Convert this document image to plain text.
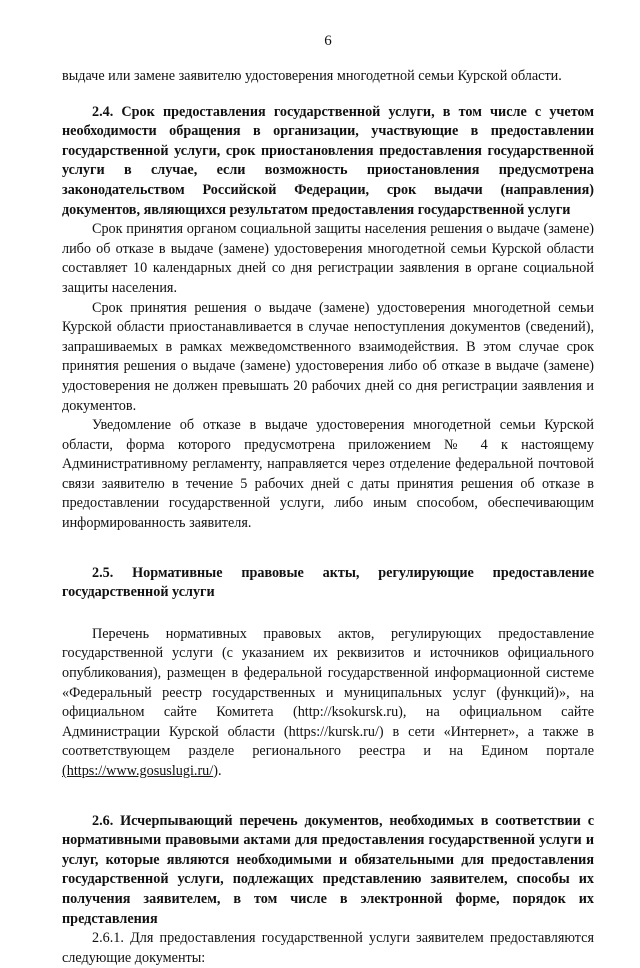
6

выдаче или замене заявителю удостоверения многодетной семьи Курской области.

2.4. Срок предоставления государственной услуги, в том числе с учетом необходимости обращения в организации, участвующие в предоставлении государственной услуги, срок приостановления предоставления государственной услуги в случае, если возможность приостановления предусмотрена законодательством Российской Федерации, срок выдачи (направления) документов, являющихся результатом предоставления государственной услуги

Срок принятия органом социальной защиты населения решения о выдаче (замене) либо об отказе в выдаче (замене) удостоверения многодетной семьи Курской области составляет 10 календарных дней со дня регистрации заявления в органе социальной защиты населения.

Срок принятия решения о выдаче (замене) удостоверения многодетной семьи Курской области приостанавливается в случае непоступления документов (сведений), запрашиваемых в рамках межведомственного взаимодействия. В этом случае срок принятия решения о выдаче (замене) удостоверения либо об отказе в выдаче (замене) удостоверения не должен превышать 20 рабочих дней со дня регистрации заявления и документов.

Уведомление об отказе в выдаче удостоверения многодетной семьи Курской области, форма которого предусмотрена приложением № 4 к настоящему Административному регламенту, направляется через отделение федеральной почтовой связи заявителю в течение 5 рабочих дней с даты принятия решения об отказе в предоставлении государственной услуги, либо иным способом, обеспечивающим информированность заявителя.

2.5. Нормативные правовые акты, регулирующие предоставление государственной услуги

Перечень нормативных правовых актов, регулирующих предоставление государственной услуги (с указанием их реквизитов и источников официального опубликования), размещен в федеральной государственной информационной системе «Федеральный реестр государственных и муниципальных услуг (функций)», на официальном сайте Комитета (http://ksokursk.ru), на официальном сайте Администрации Курской области (https://kursk.ru/) в сети «Интернет», а также в соответствующем разделе регионального реестра и на Едином портале (https://www.gosuslugi.ru/).

2.6. Исчерпывающий перечень документов, необходимых в соответствии с нормативными правовыми актами для предоставления государственной услуги и услуг, которые являются необходимыми и обязательными для предоставления государственной услуги, подлежащих представлению заявителем, способы их получения заявителем, в том числе в электронной форме, порядок их представления

2.6.1. Для предоставления государственной услуги заявителем предоставляются следующие документы:
